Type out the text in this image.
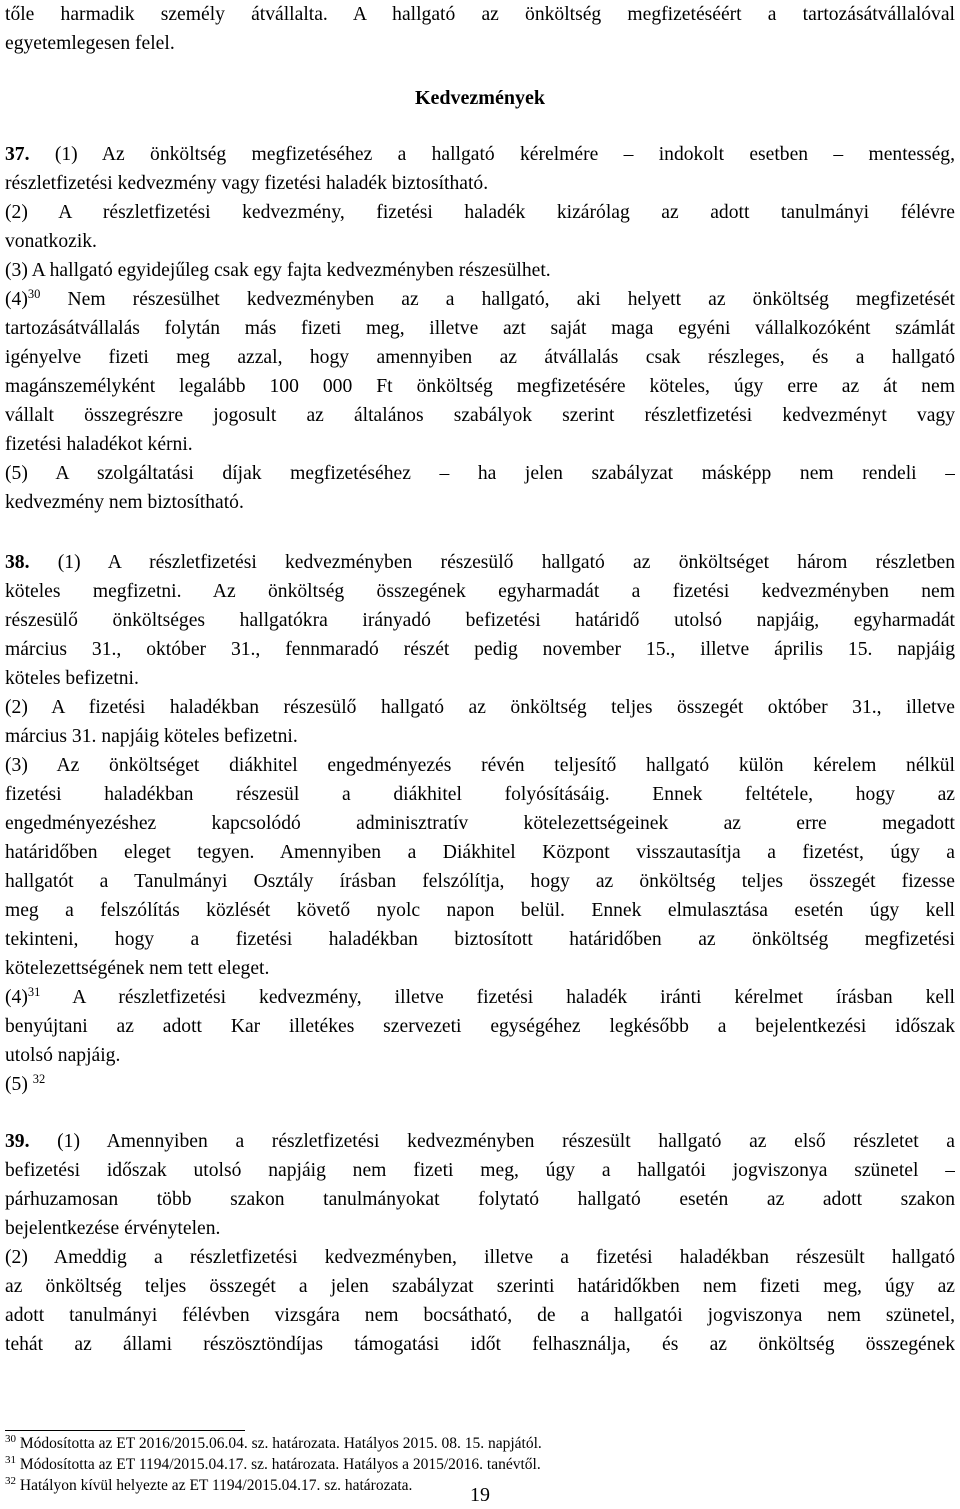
tőle harmadik személy átvállalta. A hallgató az önköltség megfizetéséért a tartozásátvállalóval
egyetemlegesen felel.
Kedvezmények
37. (1) Az önköltség megfizetéséhez a hallgató kérelmére – indokolt esetben – mentesség,
részletfizetési kedvezmény vagy fizetési haladék biztosítható.
(2) A részletfizetési kedvezmény, fizetési haladék kizárólag az adott tanulmányi félévre
vonatkozik.
(3) A hallgató egyidejűleg csak egy fajta kedvezményben részesülhet.
$(4)^{30}$ Nem részesülhet kedvezményben az a hallgató, aki helyett az önköltség megfizetését
tartozásátvállalás folytán más fizeti meg, illetve azt saját maga egyéni vállalkozóként számlát
igényelve fizeti meg azzal, hogy amennyiben az átvállalás csak részleges, és a hallgató
magánszemélyként legalább 100 000 Ft önköltség megfizetésére köteles, úgy erre az át nem
vállalt összegrészre jogosult az általános szabályok szerint részletfizetési kedvezményt vagy
fizetési haladékot kérni.
(5) A szolgáltatási díjak megfizetéséhez – ha jelen szabályzat másképp nem rendeli –
kedvezmény nem biztosítható.
38. (1) A részletfizetési kedvezményben részesülő hallgató az önköltséget három részletben
köteles megfizetni. Az önköltség összegének egyharmadát a fizetési kedvezményben nem
részesülő önköltséges hallgatókra irányadó befizetési határidő utolsó napjáig, egyharmadát
március 31., október 31., fennmaradó részét pedig november 15., illetve április 15. napjáig
köteles befizetni.
(2) A fizetési haladékban részesülő hallgató az önköltség teljes összegét október 31., illetve
március 31. napjáig köteles befizetni.
(3) Az önköltséget diákhitel engedményezés révén teljesítő hallgató külön kérelem nélkül
fizetési haladékban részesül a diákhitel folyósításáig. Ennek feltétele, hogy az
engedményezéshez kapcsolódó adminisztratív kötelezettségeinek az erre megadott
határidőben eleget tegyen. Amennyiben a Diákhitel Központ visszautasítja a fizetést, úgy a
hallgatót a Tanulmányi Osztály írásban felszólítja, hogy az önköltség teljes összegét fizesse
meg a felszólítás közlését követő nyolc napon belül. Ennek elmulasztása esetén úgy kell
tekinteni, hogy a fizetési haladékban biztosított határidőben az önköltség megfizetési
kötelezettségének nem tett eleget.
$(4)^{31}$ A részletfizetési kedvezmény, illetve fizetési haladék iránti kérelmet írásban kell
benyújtani az adott Kar illetékes szervezeti egységéhez legkésőbb a bejelentkezési időszak
utolsó napjáig.
(5) $^{32}$
39. (1) Amennyiben a részletfizetési kedvezményben részesült hallgató az első részletet a
befizetési időszak utolsó napjáig nem fizeti meg, úgy a hallgatói jogviszonya szünetel –
párhuzamosan több szakon tanulmányokat folytató hallgató esetén az adott szakon
bejelentkezése érvénytelen.
(2) Ameddig a részletfizetési kedvezményben, illetve a fizetési haladékban részesült hallgató
az önköltség teljes összegét a jelen szabályzat szerinti határidőkben nem fizeti meg, úgy az
adott tanulmányi félévben vizsgára nem bocsátható, de a hallgatói jogviszonya nem szünetel,
tehát az állami részösztöndíjas támogatási időt felhasználja, és az önköltség összegének
$^{30}$ Módosította az ET 2016/2015.06.04. sz. határozata. Hatályos 2015. 08. 15. napjától.
$^{31}$ Módosította az ET 1194/2015.04.17. sz. határozata. Hatályos a 2015/2016. tanévtől.
$^{32}$ Hatályon kívül helyezte az ET 1194/2015.04.17. sz. határozata.	19
